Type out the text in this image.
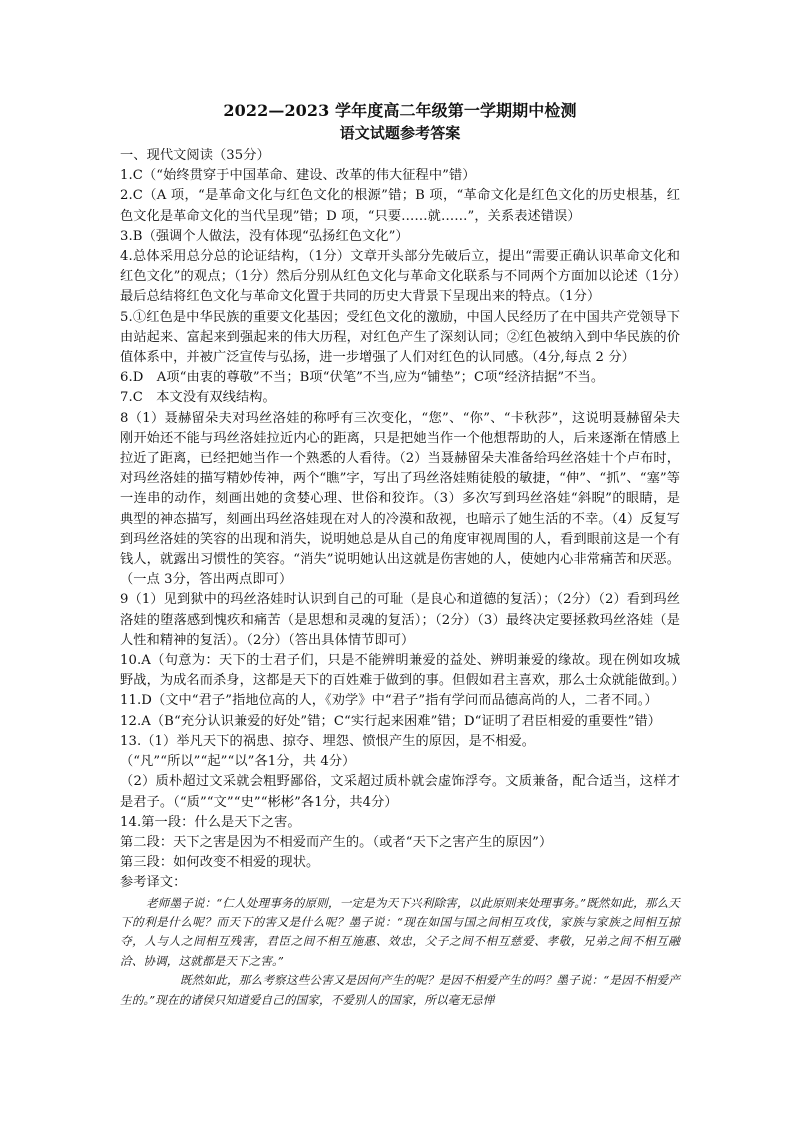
2022—2023 学年度高二年级第一学期期中检测
语文试题参考答案

一、现代文阅读（35分）

1.C（“始终贯穿于中国革命、建设、改革的伟大征程中”错）

2.C（A 项，“是革命文化与红色文化的根源”错；B 项，“革命文化是红色文化的历史根基，红色文化是革命文化的当代呈现”错；D 项，“只要……就……”，关系表述错误）

3.B（强调个人做法，没有体现“弘扬红色文化”）

4.总体采用总分总的论证结构，（1分）文章开头部分先破后立，提出“需要正确认识革命文化和红色文化”的观点；（1分）然后分别从红色文化与革命文化联系与不同两个方面加以论述（1分）最后总结将红色文化与革命文化置于共同的历史大背景下呈现出来的特点。（1分）

5.①红色是中华民族的重要文化基因；受红色文化的激励，中国人民经历了在中国共产党领导下由站起来、富起来到强起来的伟大历程，对红色产生了深刻认同；②红色被纳入到中华民族的价值体系中，并被广泛宣传与弘扬，进一步增强了人们对红色的认同感。（4分,每点 2 分）

6.D　A项“由衷的尊敬”不当；B项“伏笔”不当,应为“铺垫”；C项“经济拮据”不当。

7.C　本文没有双线结构。

8（1）聂赫留朵夫对玛丝洛娃的称呼有三次变化，“您”、“你”、“卡秋莎”，这说明聂赫留朵夫刚开始还不能与玛丝洛娃拉近内心的距离，只是把她当作一个他想帮助的人，后来逐渐在情感上拉近了距离，已经把她当作一个熟悉的人看待。（2）当聂赫留朵夫准备给玛丝洛娃十个卢布时，对玛丝洛娃的描写精妙传神，两个“瞧”字，写出了玛丝洛娃贿徒般的敏捷，“伸”、“抓”、“塞”等一连串的动作，刻画出她的贪婪心理、世俗和狡诈。（3）多次写到玛丝洛娃“斜睨”的眼睛，是典型的神态描写，刻画出玛丝洛娃现在对人的冷漠和敌视，也暗示了她生活的不幸。（4）反复写到玛丝洛娃的笑容的出现和消失，说明她总是从自己的角度审视周围的人，看到眼前这是一个有钱人，就露出习惯性的笑容。“消失”说明她认出这就是伤害她的人，使她内心非常痛苦和厌恶。（一点 3分，答出两点即可）

9（1）见到狱中的玛丝洛娃时认识到自己的可耻（是良心和道德的复活）；（2分）（2）看到玛丝洛娃的堕落感到愧疚和痛苦（是思想和灵魂的复活）；（2分）（3）最终决定要拯救玛丝洛娃（是人性和精神的复活）。（2分）（答出具体情节即可）

10.A（句意为：天下的士君子们，只是不能辨明兼爱的益处、辨明兼爱的缘故。现在例如攻城野战，为成名而杀身，这都是天下的百姓难于做到的事。但假如君主喜欢，那么士众就能做到。）

11.D（文中“君子”指地位高的人，《劝学》中“君子”指有学问而品德高尚的人，二者不同。）

12.A（B“充分认识兼爱的好处”错；C“实行起来困难”错；D“证明了君臣相爱的重要性”错）

13.（1）举凡天下的祸患、掠夺、埋怨、愤恨产生的原因，是不相爱。

（“凡”“所以”“起”“以”各1分，共 4分）

（2）质朴超过文采就会粗野鄙俗，文采超过质朴就会虚饰浮夸。文质兼备，配合适当，这样才是君子。（“质”“文”“史”“彬彬”各1分，共4分）

14.第一段：什么是天下之害。

第二段：天下之害是因为不相爱而产生的。（或者“天下之害产生的原因”）

第三段：如何改变不相爱的现状。

参考译文：

老师墨子说：“仁人处理事务的原则，一定是为天下兴利除害，以此原则来处理事务。”既然如此，那么天下的利是什么呢？而天下的害又是什么呢？墨子说：“现在如国与国之间相互攻伐，家族与家族之间相互掠夺，人与人之间相互残害，君臣之间不相互施惠、效忠，父子之间不相互慈爱、孝敬，兄弟之间不相互融洽、协调，这就都是天下之害。”

既然如此，那么考察这些公害又是因何产生的呢？是因不相爱产生的吗？墨子说：“是因不相爱产生的。”现在的诸侯只知道爱自己的国家，不爱别人的国家，所以毫无忌惮
